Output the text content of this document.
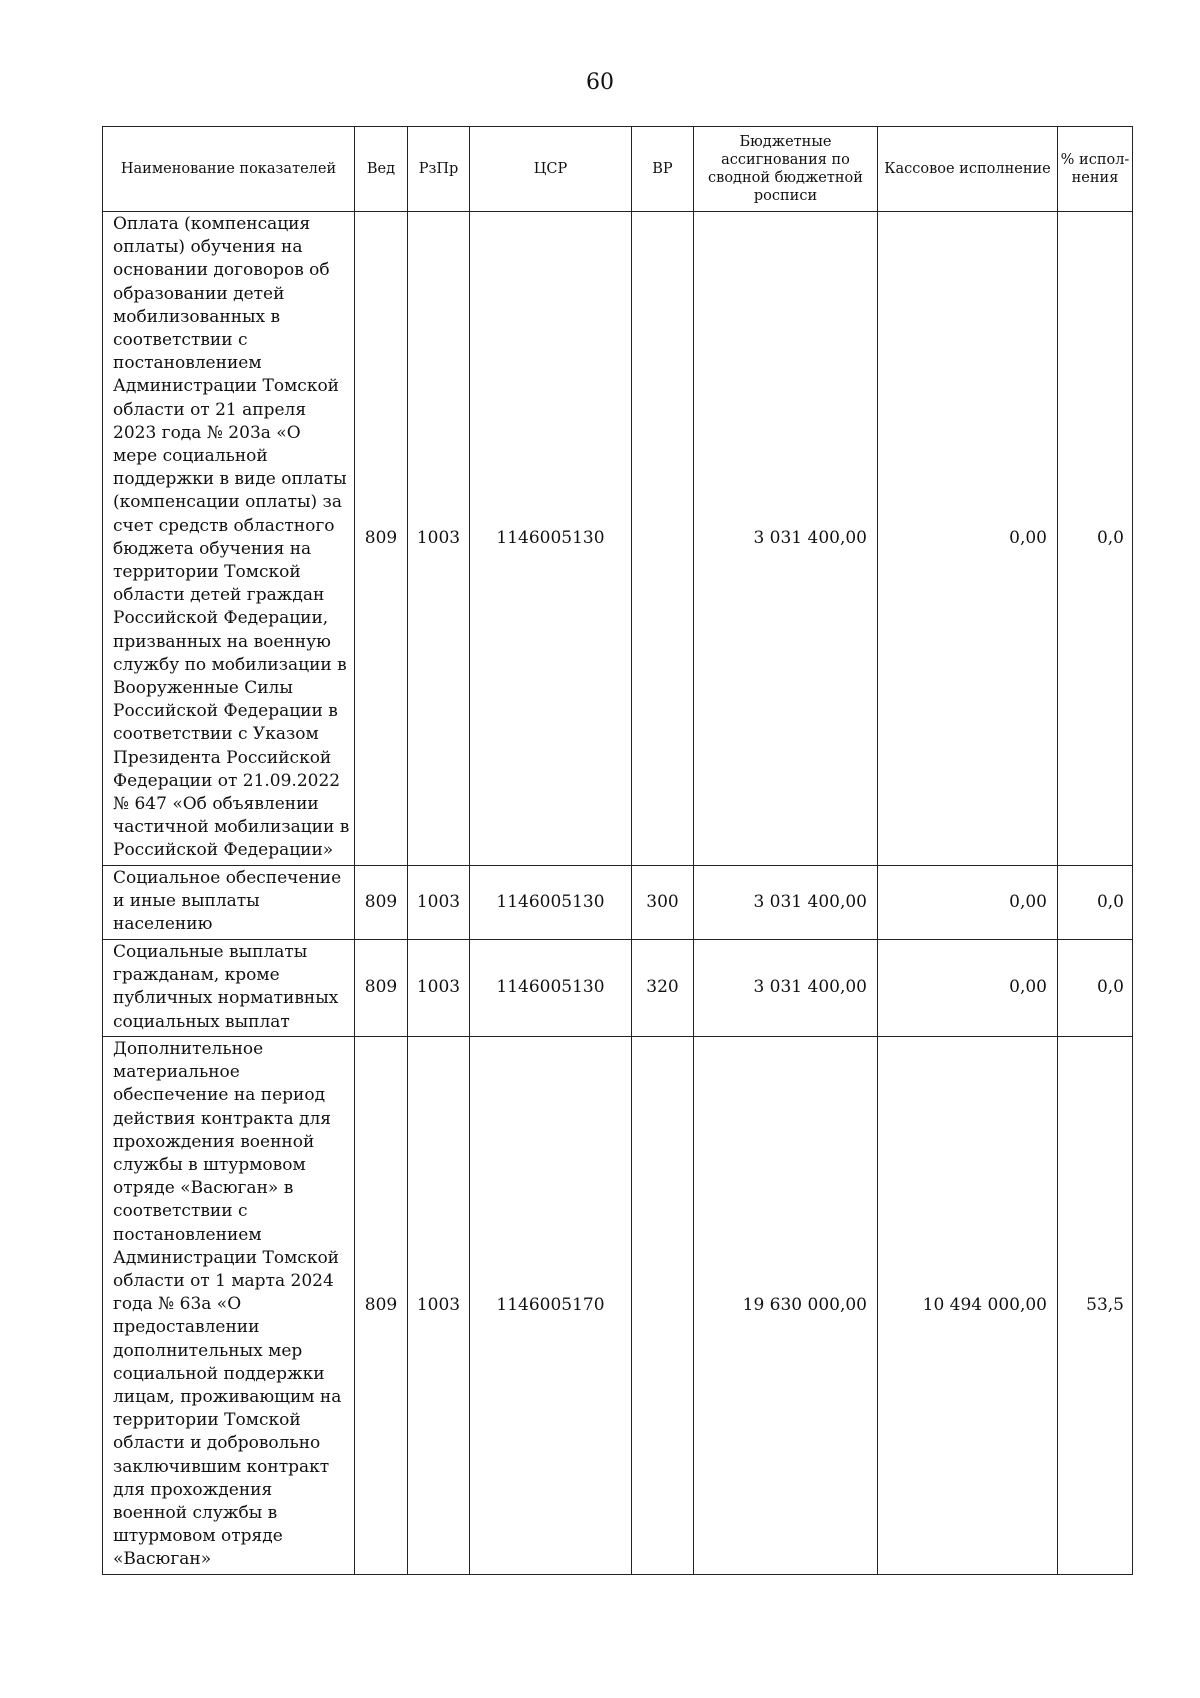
60
Наименование показателей	Вед	РзПр	ЦСР	ВР	Бюджетные ассигнования по сводной бюджетной росписи	Кассовое исполнение	% испол-нения

Оплата (компенсация оплаты) обучения на основании договоров об образовании детей мобилизованных в соответствии с постановлением Администрации Томской области от 21 апреля 2023 года № 203а «О мере социальной поддержки в виде оплаты (компенсации оплаты) за счет средств областного бюджета обучения на территории Томской области детей граждан Российской Федерации, призванных на военную службу по мобилизации в Вооруженные Силы Российской Федерации в соответствии с Указом Президента Российской Федерации от 21.09.2022 № 647 «Об объявлении частичной мобилизации в Российской Федерации»	809	1003	1146005130		3 031 400,00	0,00	0,0

Социальное обеспечение и иные выплаты населению	809	1003	1146005130	300	3 031 400,00	0,00	0,0

Социальные выплаты гражданам, кроме публичных нормативных социальных выплат	809	1003	1146005130	320	3 031 400,00	0,00	0,0

Дополнительное материальное обеспечение на период действия контракта для прохождения военной службы в штурмовом отряде «Васюган» в соответствии с постановлением Администрации Томской области от 1 марта 2024 года № 63а «О предоставлении дополнительных мер социальной поддержки лицам, проживающим на территории Томской области и добровольно заключившим контракт для прохождения военной службы в штурмовом отряде «Васюган»	809	1003	1146005170		19 630 000,00	10 494 000,00	53,5
